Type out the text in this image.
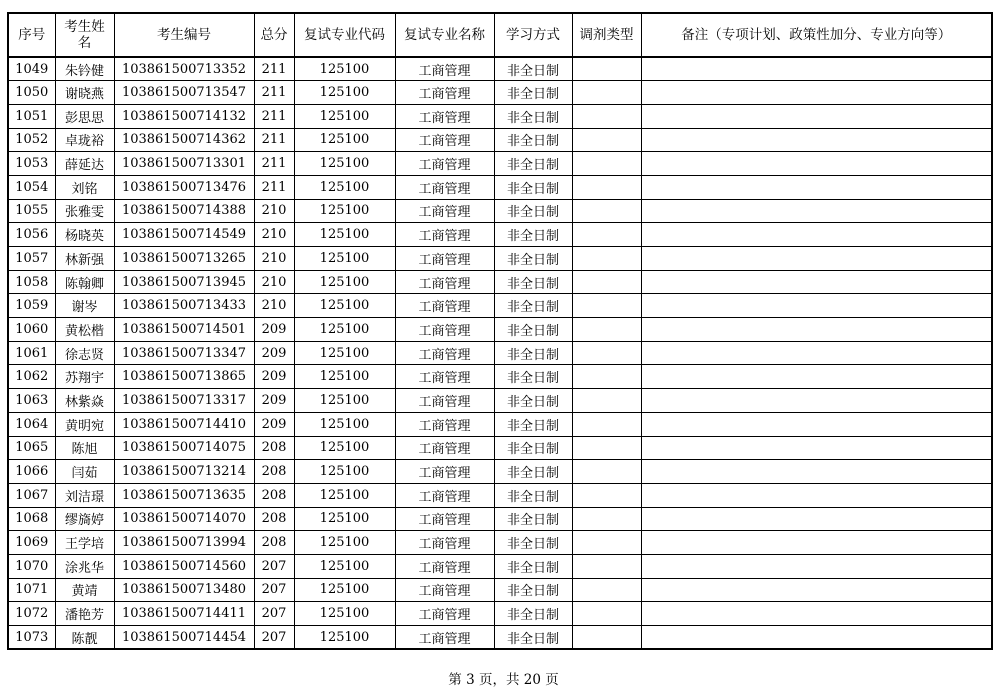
序号	考生姓名	考生编号	总分	复试专业代码	复试专业名称	学习方式	调剂类型	备注（专项计划、政策性加分、专业方向等）
1049	朱钤健	103861500713352	211	125100	工商管理	非全日制		
1050	谢晓燕	103861500713547	211	125100	工商管理	非全日制		
1051	彭思思	103861500714132	211	125100	工商管理	非全日制		
1052	卓珑裕	103861500714362	211	125100	工商管理	非全日制		
1053	薛延达	103861500713301	211	125100	工商管理	非全日制		
1054	刘铭	103861500713476	211	125100	工商管理	非全日制		
1055	张雅雯	103861500714388	210	125100	工商管理	非全日制		
1056	杨晓英	103861500714549	210	125100	工商管理	非全日制		
1057	林新强	103861500713265	210	125100	工商管理	非全日制		
1058	陈翰卿	103861500713945	210	125100	工商管理	非全日制		
1059	谢岑	103861500713433	210	125100	工商管理	非全日制		
1060	黄松楷	103861500714501	209	125100	工商管理	非全日制		
1061	徐志贤	103861500713347	209	125100	工商管理	非全日制		
1062	苏翔宇	103861500713865	209	125100	工商管理	非全日制		
1063	林紫焱	103861500713317	209	125100	工商管理	非全日制		
1064	黄明宛	103861500714410	209	125100	工商管理	非全日制		
1065	陈旭	103861500714075	208	125100	工商管理	非全日制		
1066	闫茹	103861500713214	208	125100	工商管理	非全日制		
1067	刘洁璟	103861500713635	208	125100	工商管理	非全日制		
1068	缪旖婷	103861500714070	208	125100	工商管理	非全日制		
1069	王学培	103861500713994	208	125100	工商管理	非全日制		
1070	涂兆华	103861500714560	207	125100	工商管理	非全日制		
1071	黄靖	103861500713480	207	125100	工商管理	非全日制		
1072	潘艳芳	103861500714411	207	125100	工商管理	非全日制		
1073	陈靓	103861500714454	207	125100	工商管理	非全日制		
第 3 页，共 20 页
